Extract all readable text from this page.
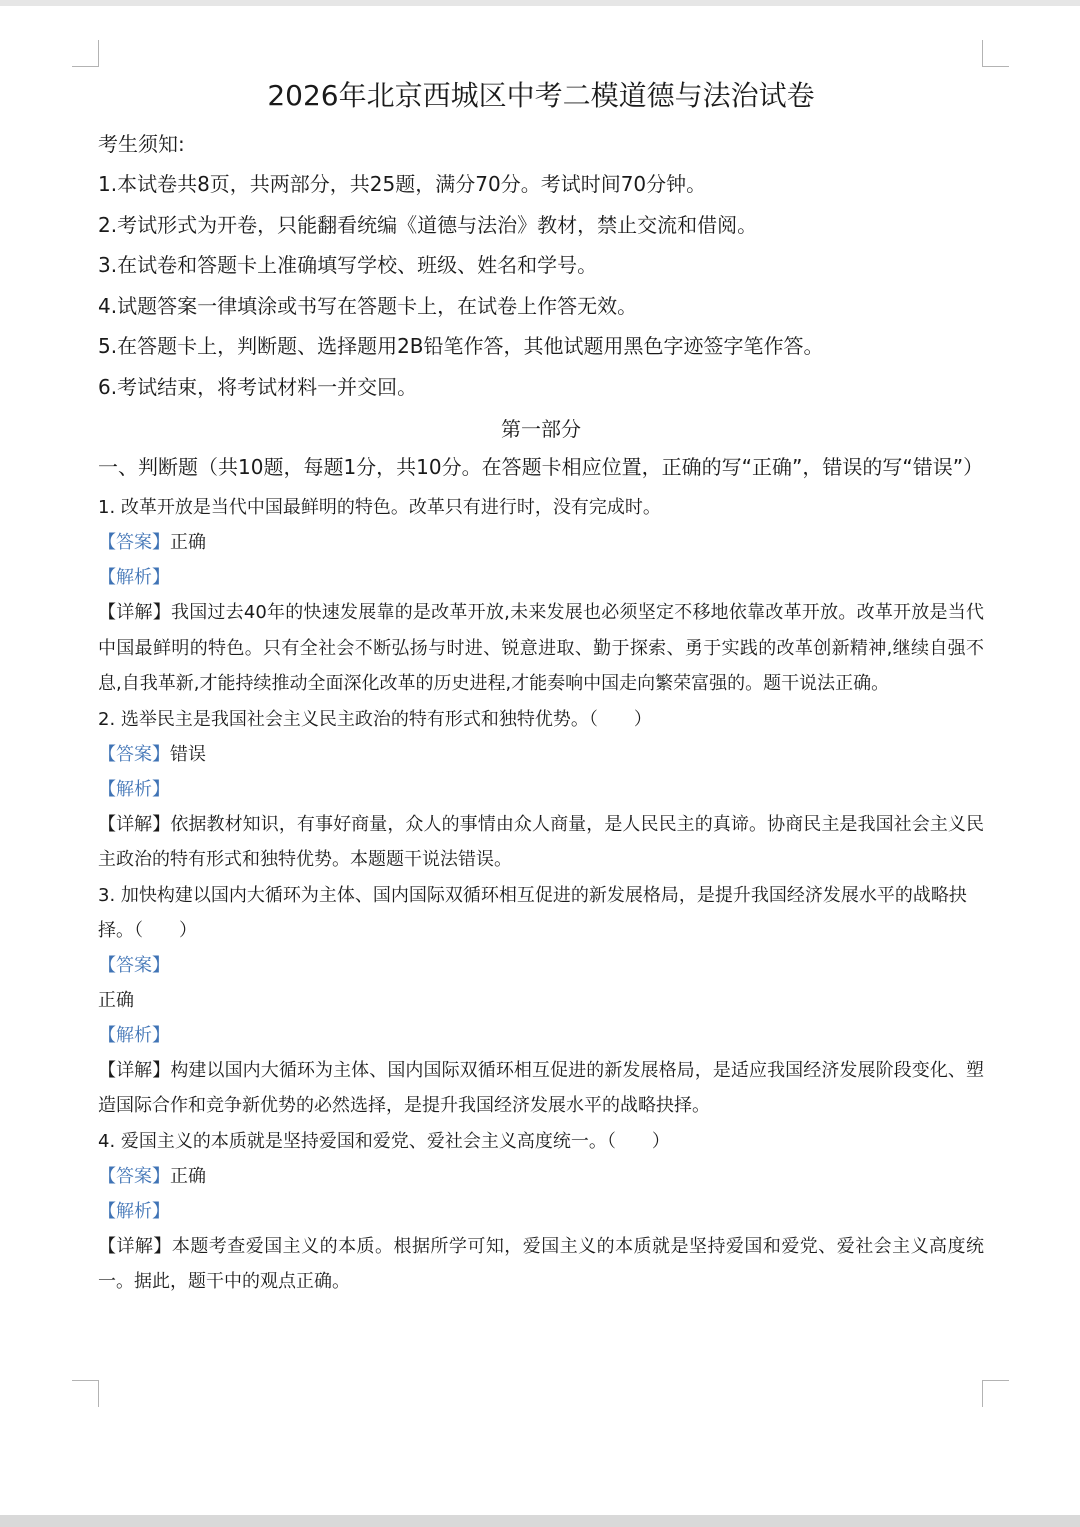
2026年北京西城区中考二模道德与法治试卷
考生须知:
1.本试卷共8页，共两部分，共25题，满分70分。考试时间70分钟。
2.考试形式为开卷，只能翻看统编《道德与法治》教材，禁止交流和借阅。
3.在试卷和答题卡上准确填写学校、班级、姓名和学号。
4.试题答案一律填涂或书写在答题卡上，在试卷上作答无效。
5.在答题卡上，判断题、选择题用2B铅笔作答，其他试题用黑色字迹签字笔作答。
6.考试结束，将考试材料一并交回。
第一部分
一、判断题（共10题，每题1分，共10分。在答题卡相应位置，正确的写“正确”，错误的写“错误”）
1. 改革开放是当代中国最鲜明的特色。改革只有进行时，没有完成时。
【答案】正确
【解析】
【详解】我国过去40年的快速发展靠的是改革开放,未来发展也必须坚定不移地依靠改革开放。改革开放是当代中国最鲜明的特色。只有全社会不断弘扬与时进、锐意进取、勤于探索、勇于实践的改革创新精神,继续自强不息,自我革新,才能持续推动全面深化改革的历史进程,才能奏响中国走向繁荣富强的。题干说法正确。
2. 选举民主是我国社会主义民主政治的特有形式和独特优势。（　　）
【答案】错误
【解析】
【详解】依据教材知识，有事好商量，众人的事情由众人商量，是人民民主的真谛。协商民主是我国社会主义民主政治的特有形式和独特优势。本题题干说法错误。
3. 加快构建以国内大循环为主体、国内国际双循环相互促进的新发展格局，是提升我国经济发展水平的战略抉择。（　　）
【答案】
正确
【解析】
【详解】构建以国内大循环为主体、国内国际双循环相互促进的新发展格局，是适应我国经济发展阶段变化、塑造国际合作和竞争新优势的必然选择，是提升我国经济发展水平的战略抉择。
4. 爱国主义的本质就是坚持爱国和爱党、爱社会主义高度统一。（　　）
【答案】正确
【解析】
【详解】本题考查爱国主义的本质。根据所学可知，爱国主义的本质就是坚持爱国和爱党、爱社会主义高度统一。据此，题干中的观点正确。
